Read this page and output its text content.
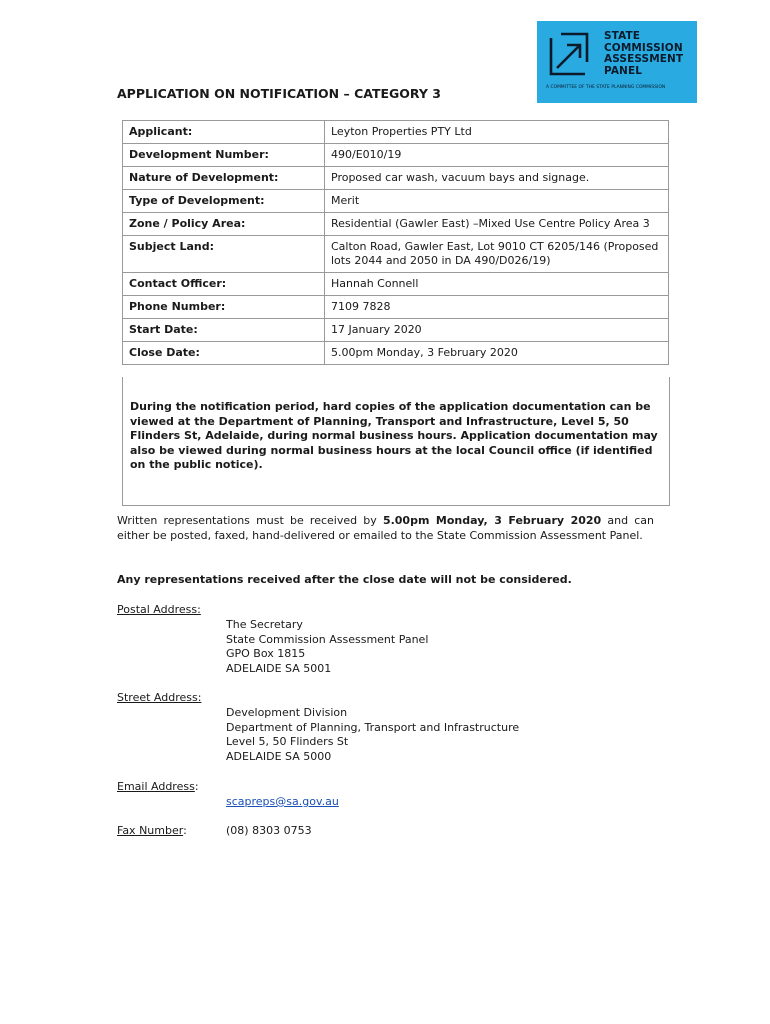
STATE
COMMISSION
ASSESSMENT
PANEL
A COMMITTEE OF THE STATE PLANNING COMMISSION
APPLICATION ON NOTIFICATION – CATEGORY 3
Applicant:	Leyton Properties PTY Ltd
Development Number:	490/E010/19
Nature of Development:	Proposed car wash, vacuum bays and signage.
Type of Development:	Merit
Zone / Policy Area:	Residential (Gawler East) –Mixed Use Centre Policy Area 3
Subject Land:	Calton Road, Gawler East, Lot 9010 CT 6205/146 (Proposed lots 2044 and 2050 in DA 490/D026/19)
Contact Officer:	Hannah Connell
Phone Number:	7109 7828
Start Date:	17 January 2020
Close Date:	5.00pm Monday, 3 February 2020
During the notification period, hard copies of the application documentation can be viewed at the Department of Planning, Transport and Infrastructure, Level 5, 50 Flinders St, Adelaide, during normal business hours. Application documentation may also be viewed during normal business hours at the local Council office (if identified on the public notice).
Written representations must be received by 5.00pm Monday, 3 February 2020 and can either be posted, faxed, hand-delivered or emailed to the State Commission Assessment Panel.
Any representations received after the close date will not be considered.
Postal Address:
The Secretary
State Commission Assessment Panel
GPO Box 1815
ADELAIDE SA 5001
Street Address:
Development Division
Department of Planning, Transport and Infrastructure
Level 5, 50 Flinders St
ADELAIDE SA 5000
Email Address:
scapreps@sa.gov.au
Fax Number:	(08) 8303 0753
